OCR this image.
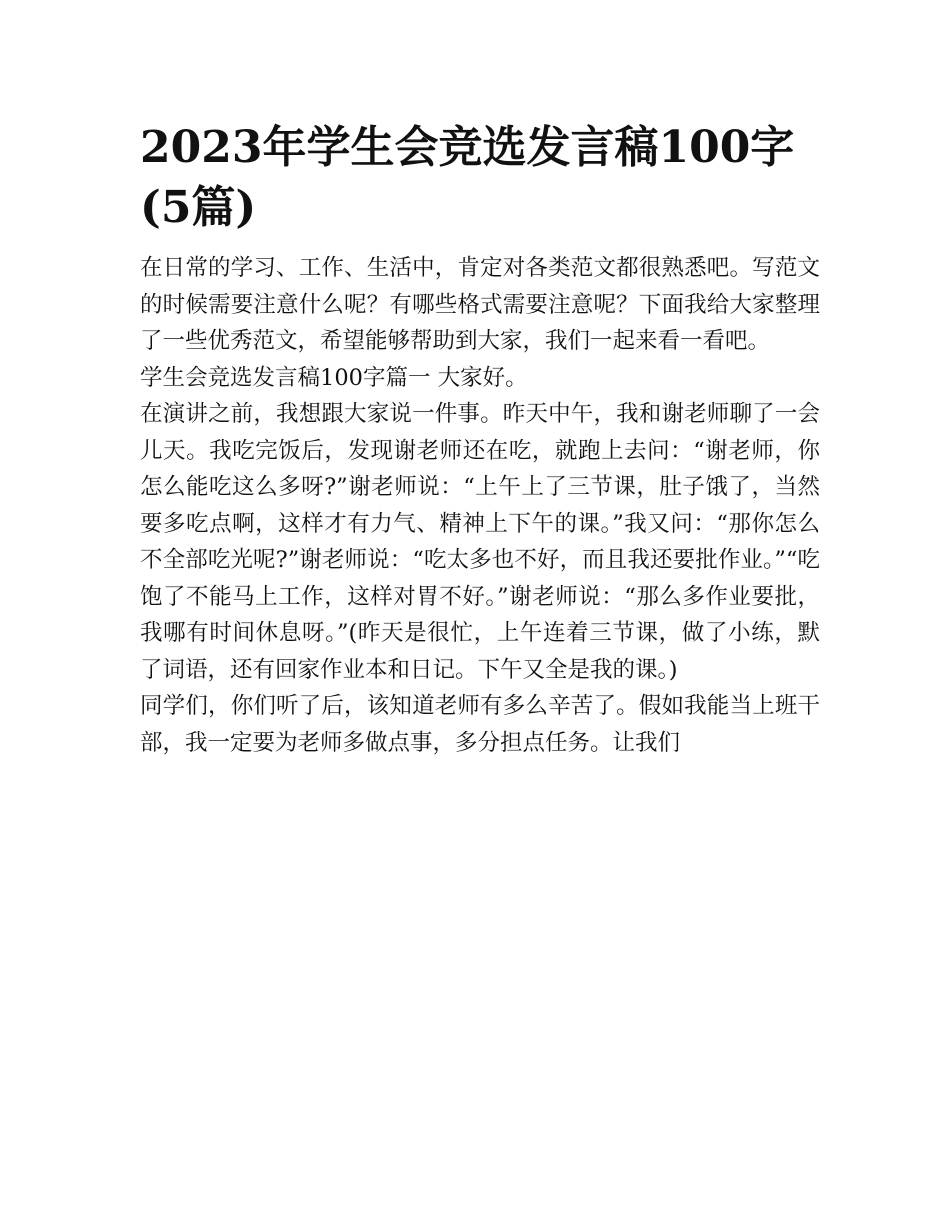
2023年学生会竞选发言稿100字(5篇)

在日常的学习、工作、生活中，肯定对各类范文都很熟悉吧。写范文的时候需要注意什么呢？有哪些格式需要注意呢？下面我给大家整理了一些优秀范文，希望能够帮助到大家，我们一起来看一看吧。

学生会竞选发言稿100字篇一 大家好。

在演讲之前，我想跟大家说一件事。昨天中午，我和谢老师聊了一会儿天。我吃完饭后，发现谢老师还在吃，就跑上去问：“谢老师，你怎么能吃这么多呀?”谢老师说：“上午上了三节课，肚子饿了，当然要多吃点啊，这样才有力气、精神上下午的课。”我又问：“那你怎么不全部吃光呢?”谢老师说：“吃太多也不好，而且我还要批作业。”“吃饱了不能马上工作，这样对胃不好。”谢老师说：“那么多作业要批，我哪有时间休息呀。”(昨天是很忙，上午连着三节课，做了小练，默了词语，还有回家作业本和日记。下午又全是我的课。)

同学们，你们听了后，该知道老师有多么辛苦了。假如我能当上班干部，我一定要为老师多做点事，多分担点任务。让我们
